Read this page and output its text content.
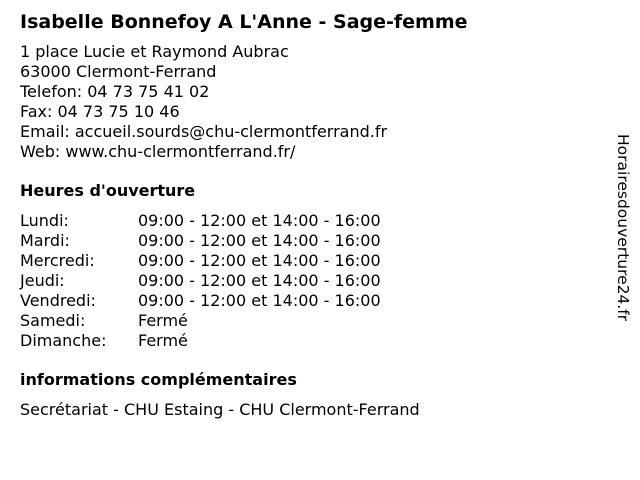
Isabelle Bonnefoy A L'Anne - Sage-femme
1 place Lucie et Raymond Aubrac
63000 Clermont-Ferrand
Telefon: 04 73 75 41 02
Fax: 04 73 75 10 46
Email: accueil.sourds@chu-clermontferrand.fr
Web: www.chu-clermontferrand.fr/
Heures d'ouverture
Lundi:	09:00 - 12:00 et 14:00 - 16:00
Mardi:	09:00 - 12:00 et 14:00 - 16:00
Mercredi:	09:00 - 12:00 et 14:00 - 16:00
Jeudi:	09:00 - 12:00 et 14:00 - 16:00
Vendredi:	09:00 - 12:00 et 14:00 - 16:00
Samedi:	Fermé
Dimanche:	Fermé
informations complémentaires
Secrétariat - CHU Estaing - CHU Clermont-Ferrand
Horairesdouverture24.fr
